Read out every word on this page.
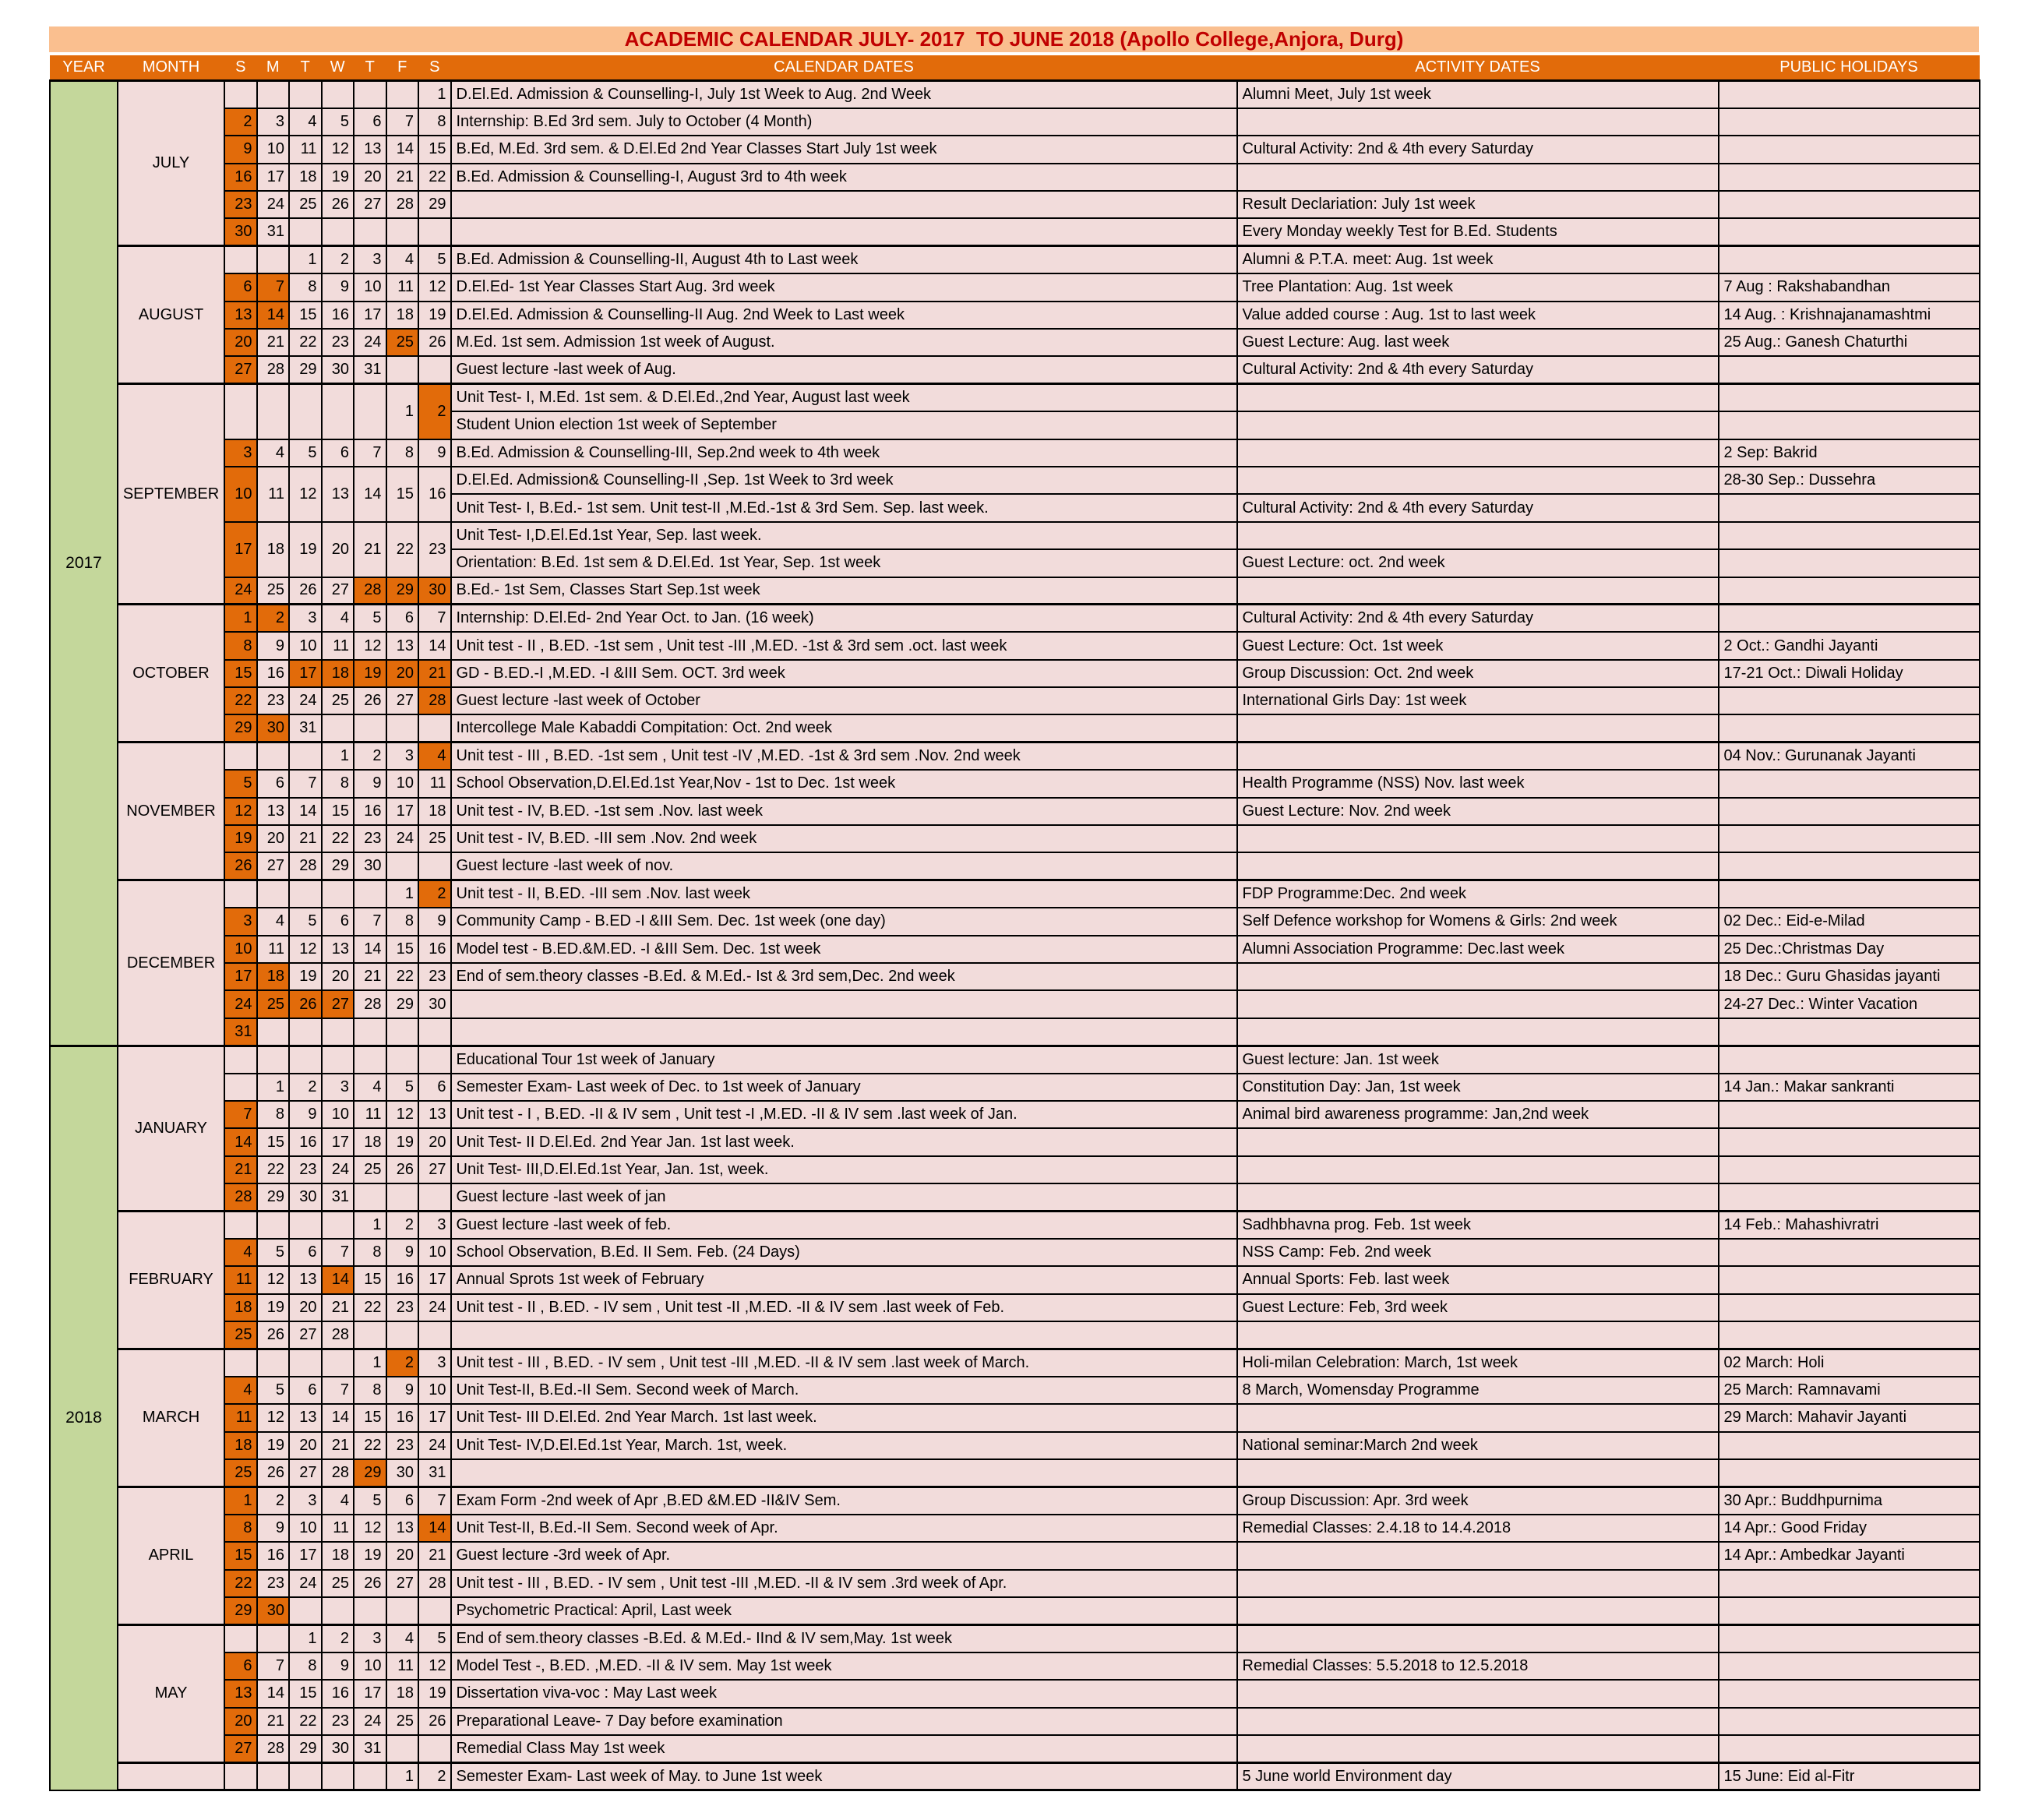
ACADEMIC CALENDAR JULY- 2017  TO JUNE 2018 (Apollo College,Anjora, Durg)
YEAR	MONTH	S	M	T	W	T	F	S	CALENDAR DATES	ACTIVITY DATES	PUBLIC HOLIDAYS
2017	JULY							1	D.El.Ed. Admission & Counselling-I, July 1st Week to Aug. 2nd Week	Alumni Meet, July 1st week	
		2	3	4	5	6	7	8	Internship: B.Ed 3rd sem. July to October (4 Month)		
		9	10	11	12	13	14	15	B.Ed, M.Ed. 3rd sem. & D.El.Ed 2nd Year Classes Start July 1st week	Cultural Activity: 2nd & 4th every Saturday	
		16	17	18	19	20	21	22	B.Ed. Admission & Counselling-I, August 3rd to 4th week		
		23	24	25	26	27	28	29		Result Declariation: July 1st week	
		30	31							Every Monday weekly Test for B.Ed. Students	
	AUGUST			1	2	3	4	5	B.Ed. Admission & Counselling-II, August 4th to Last week	Alumni & P.T.A. meet: Aug. 1st week	
		6	7	8	9	10	11	12	D.El.Ed- 1st Year Classes Start Aug. 3rd week	Tree Plantation: Aug. 1st week	7 Aug : Rakshabandhan
		13	14	15	16	17	18	19	D.El.Ed. Admission & Counselling-II Aug. 2nd Week to Last week	Value added course : Aug. 1st to last week	14 Aug. : Krishnajanamashtmi
		20	21	22	23	24	25	26	M.Ed. 1st sem. Admission 1st week of August.	Guest Lecture: Aug. last week	25 Aug.: Ganesh Chaturthi
		27	28	29	30	31			Guest lecture -last week of Aug.	Cultural Activity: 2nd & 4th every Saturday	
	SEPTEMBER						1	2	Unit Test- I, M.Ed. 1st sem. & D.El.Ed.,2nd Year, August last week		
									Student Union election 1st week of September		
		3	4	5	6	7	8	9	B.Ed. Admission & Counselling-III, Sep.2nd week to 4th week		2 Sep: Bakrid
		10	11	12	13	14	15	16	D.El.Ed. Admission& Counselling-II ,Sep. 1st Week to 3rd week		28-30 Sep.: Dussehra
									Unit Test- I, B.Ed.- 1st sem. Unit test-II ,M.Ed.-1st & 3rd Sem. Sep. last week.	Cultural Activity: 2nd & 4th every Saturday	
		17	18	19	20	21	22	23	Unit Test- I,D.El.Ed.1st Year, Sep. last week.		
									Orientation: B.Ed. 1st sem & D.El.Ed. 1st Year, Sep. 1st week	Guest Lecture: oct. 2nd week	
		24	25	26	27	28	29	30	B.Ed.- 1st Sem, Classes Start Sep.1st week		
	OCTOBER	1	2	3	4	5	6	7	Internship: D.El.Ed- 2nd Year Oct. to Jan. (16 week)	Cultural Activity: 2nd & 4th every Saturday	
		8	9	10	11	12	13	14	Unit test - II , B.ED. -1st sem , Unit test -III ,M.ED. -1st & 3rd sem .oct. last week	Guest Lecture: Oct. 1st week	2 Oct.: Gandhi Jayanti
		15	16	17	18	19	20	21	GD - B.ED.-I ,M.ED. -I &III Sem. OCT. 3rd week	Group Discussion: Oct. 2nd week	17-21 Oct.: Diwali Holiday
		22	23	24	25	26	27	28	Guest lecture -last week of October	International Girls Day: 1st week	
		29	30	31					Intercollege Male Kabaddi Compitation: Oct. 2nd week		
	NOVEMBER				1	2	3	4	Unit test - III , B.ED. -1st sem , Unit test -IV ,M.ED. -1st & 3rd sem .Nov. 2nd week		04 Nov.: Gurunanak Jayanti
		5	6	7	8	9	10	11	School Observation,D.El.Ed.1st Year,Nov - 1st to Dec. 1st week	Health Programme (NSS) Nov. last week	
		12	13	14	15	16	17	18	Unit test - IV, B.ED. -1st sem .Nov. last week	Guest Lecture: Nov. 2nd week	
		19	20	21	22	23	24	25	Unit test - IV, B.ED. -III sem .Nov. 2nd week		
		26	27	28	29	30			Guest lecture -last week of nov.		
	DECEMBER						1	2	Unit test - II, B.ED. -III sem .Nov. last week	FDP Programme:Dec. 2nd week	
		3	4	5	6	7	8	9	Community Camp - B.ED -I &III Sem. Dec. 1st week (one day)	Self Defence workshop for Womens & Girls: 2nd week	02 Dec.: Eid-e-Milad
		10	11	12	13	14	15	16	Model test - B.ED.&M.ED. -I &III Sem. Dec. 1st week	Alumni Association Programme: Dec.last week	25 Dec.:Christmas Day
		17	18	19	20	21	22	23	End of sem.theory classes -B.Ed. & M.Ed.- Ist & 3rd sem,Dec. 2nd week		18 Dec.: Guru Ghasidas jayanti
		24	25	26	27	28	29	30			24-27 Dec.: Winter Vacation
		31									
2018	JANUARY								Educational Tour 1st week of January	Guest lecture: Jan. 1st week	
			1	2	3	4	5	6	Semester Exam- Last week of Dec. to 1st week of January	Constitution Day: Jan, 1st week	14 Jan.: Makar sankranti
		7	8	9	10	11	12	13	Unit test - I , B.ED. -II & IV sem , Unit test -I ,M.ED. -II & IV sem .last week of Jan.	Animal bird awareness programme: Jan,2nd week	
		14	15	16	17	18	19	20	Unit Test- II D.El.Ed. 2nd Year Jan. 1st last week.		
		21	22	23	24	25	26	27	Unit Test- III,D.El.Ed.1st Year, Jan. 1st, week.		
		28	29	30	31				Guest lecture -last week of jan		
	FEBRUARY					1	2	3	Guest lecture -last week of feb.	Sadhbhavna prog. Feb. 1st week	14 Feb.: Mahashivratri
		4	5	6	7	8	9	10	School Observation, B.Ed. II Sem. Feb. (24 Days)	NSS Camp: Feb. 2nd week	
		11	12	13	14	15	16	17	Annual Sprots 1st week of February	Annual Sports: Feb. last week	
		18	19	20	21	22	23	24	Unit test - II , B.ED. - IV sem , Unit test -II ,M.ED. -II & IV sem .last week of Feb.	Guest Lecture: Feb, 3rd week	
		25	26	27	28						
	MARCH					1	2	3	Unit test - III , B.ED. - IV sem , Unit test -III ,M.ED. -II & IV sem .last week of March.	Holi-milan Celebration: March, 1st week	02 March: Holi
		4	5	6	7	8	9	10	Unit Test-II, B.Ed.-II Sem. Second week of March.	8 March, Womensday Programme	25 March: Ramnavami
		11	12	13	14	15	16	17	Unit Test- III D.El.Ed. 2nd Year March. 1st last week.		29 March: Mahavir Jayanti
		18	19	20	21	22	23	24	Unit Test- IV,D.El.Ed.1st Year, March. 1st, week.	National seminar:March 2nd week	
		25	26	27	28	29	30	31			
	APRIL	1	2	3	4	5	6	7	Exam Form -2nd week of Apr ,B.ED &M.ED -II&IV Sem.	Group Discussion: Apr. 3rd week	30 Apr.: Buddhpurnima
		8	9	10	11	12	13	14	Unit Test-II, B.Ed.-II Sem. Second week of Apr.	Remedial Classes: 2.4.18 to 14.4.2018	14 Apr.: Good Friday
		15	16	17	18	19	20	21	Guest lecture -3rd week of Apr.		14 Apr.: Ambedkar Jayanti
		22	23	24	25	26	27	28	Unit test - III , B.ED. - IV sem , Unit test -III ,M.ED. -II & IV sem .3rd week of Apr.		
		29	30						Psychometric Practical: April, Last week		
	MAY			1	2	3	4	5	End of sem.theory classes -B.Ed. & M.Ed.- IInd & IV sem,May. 1st week		
		6	7	8	9	10	11	12	Model Test -, B.ED. ,M.ED. -II & IV sem. May 1st week	Remedial Classes: 5.5.2018 to 12.5.2018	
		13	14	15	16	17	18	19	Dissertation viva-voc : May Last week		
		20	21	22	23	24	25	26	Preparational Leave- 7 Day before examination		
		27	28	29	30	31			Remedial Class May 1st week		
							1	2	Semester Exam- Last week of May. to June 1st week	5 June world Environment day	15 June: Eid al-Fitr
